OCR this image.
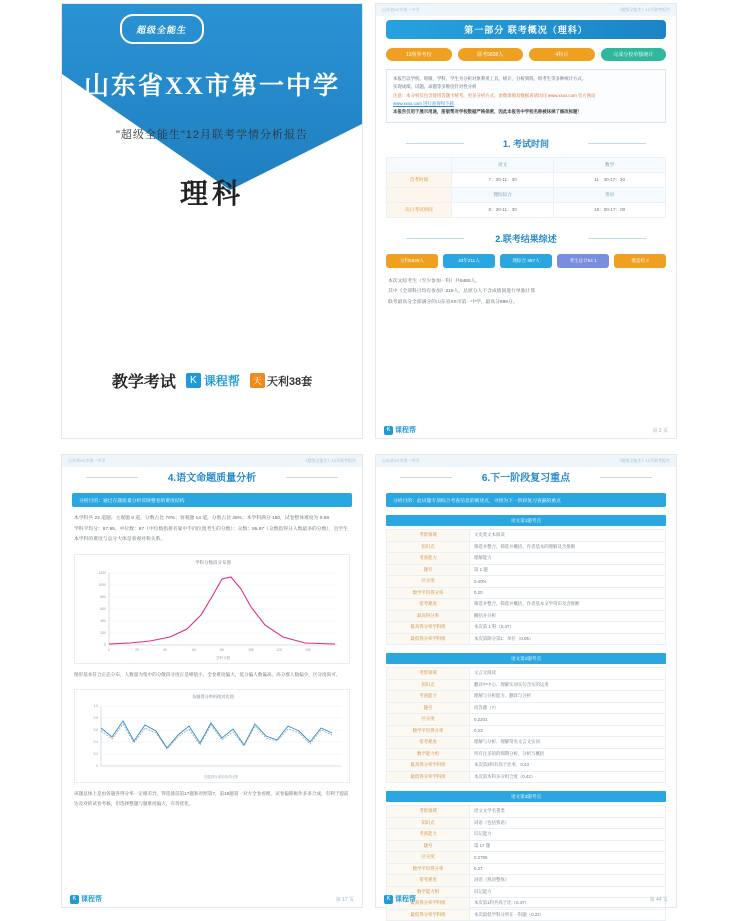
超级全能生
山东省XX市第一中学
"超级全能生"12月联考学情分析报告
理科
教学考试	K 课程帮	天 天利38套
山东省XX市第一中学	《超级全能生》12月联考报告
第一部分 联考概况（理科）
13所参考校	联考5838人	4科目	完成分校单独统计
本报告以学校、班级、学科、学生为分析对象利用工具，统计、分析到班、组考生等多种统计方式。
实现成绩、试题、命题等多维度针对性分析
注意：本分析仅包含使用答题卡统考，更多分析方式、参数请填及数据表请访问 www.xxxx.com 官方网站
www.xxxx.com 进行查询和下载
本报告仅用于展示用途，册版帮对学校数据严格保密，因此本报告中学校名称被抹掉了修改标题！
1. 考试时间
	语文	数学
首考时间	7：30-11：30	11：30-17：30
	理综综合	英语
次日考试时间	8：30-11：30	15：00-17：00
2.联考结果综述
文科5838人	43年211人	理综合 357人	考生总计64 1	覆盖校 2
本次文综考生（至少参加一科）共5465人。
其中《全部科目均有参加》215人，总原分人不含成绩间进行单独计算
联考最高分全部满分的山东省XX市第一中学，最高分889分。
K 课程帮	第 2 页
山东省XX市第一中学	《超级全能生》12月联考报告
4.语文命题质量分析
分析目的：通过在题质量分析反映整卷的难度结构
本学科共 22 道题。主观题 8 道，分数占比 70%；客观题 14 道，分数占比 28%；本学科满分 150，试卷整体难度为 0.58
学科平均分：87.95，中位数：87（中位数指排名靠中半同位置考生的分数）；众数：95.97（众数指得分人数最多的分数），且学生本学科的难度与总分大体是客观对称关系。
学科分数段分布图
0
200
400
600
800
1000
1200
0	20	40	60	80	100	120	140
学科分数
图形基本符合正态分布，人数量为集中的分散段分度正是峰值小，全卷难度偏大，低分偏人数偏高，高分群人数偏少，区分度尚可。
各题得分率折线对比图
0
0.2
0.4
0.6
0.8
1.0
各题得分率折线对比图
该题总体上是由各题各得分率一定相差异，得选排前第17题和对照第7，第18题第一对方全卷看理，试卷偏移极作多多合成，有利于提前达及对的试卷考核，但选择整题与题难度偏大，有待优化。
K 课程帮	第 17 页
山东省XX市第一中学	《超级全能生》12月联考报告
6.下一阶段复习重点
分析目的：此试题专项综合考查信息的阐述点，寻找为下一阶段复习查漏的重点
语文第1题考点
考察领域	文史类文本阅读
知识点	筛选并整合、筛选并概括、作者基本的理解及含推断
考查能力	理解能力
题号	第 1 题
区分度	0.40%
数学平均得分率	0.20
常考难度	筛选并整合、筛选并概括、作者基本文学常识及含推断
最高得分率	概括并分析
最高得分率学科组	本次第 1 科（0.47）
最低得分率学科组	本次第除分第1：单位（0.05）
语文第2题考点
考察领域	文言文阅读
知识点	翻译中中心、理解实词实句含实的运用
考查能力	理解与分析能力、翻译与分析
题号	问答题（?）
区分度	0.2201
数学平均得分率	0.23
常考难度	理解与分析、理解常见文言文实词
数学能力组	所有注多的的细期分析、分析与概括
最高得分率学科组	本次第2科有高于比率，0.43
最低得分率学科组	本次第本科多分组合度（0.42）
语文第3题考点
考察领域	语文文学名著类
知识点	词语（包括熟语）
考查能力	识记能力
题号	第 17 题
区分度	0.2795
数学平均得分率	0.27
常考难度	词语（熟语整体）
数学能力组	识记能力
最高得分率学科组	本次第1科共高于比（0.47）
最低得分率学科组	本次最低学科分所在一科题（0.22）
K 课程帮	第 44 页
